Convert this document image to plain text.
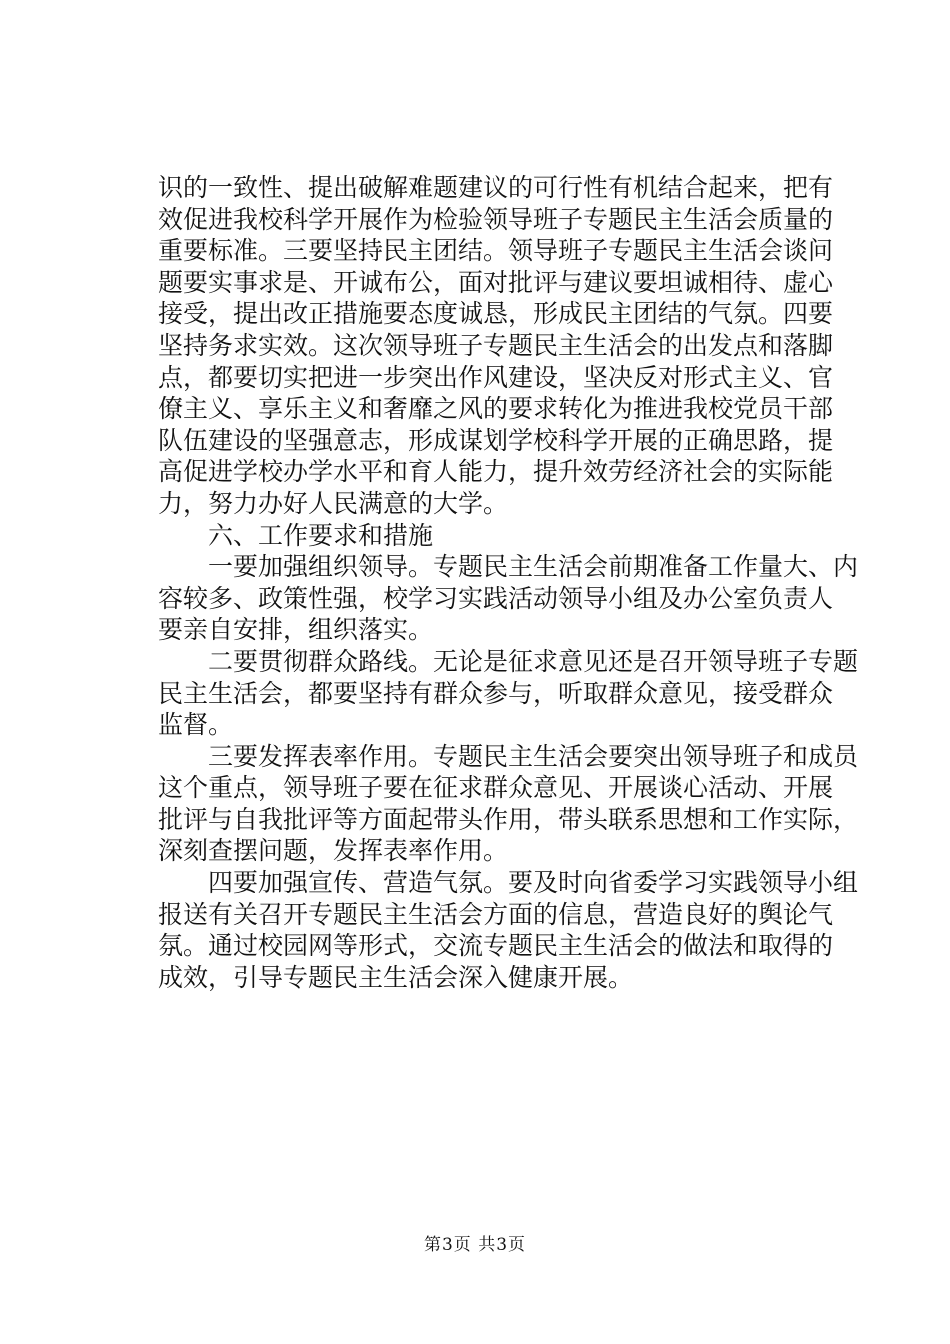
识的一致性、提出破解难题建议的可行性有机结合起来，把有
效促进我校科学开展作为检验领导班子专题民主生活会质量的
重要标准。三要坚持民主团结。领导班子专题民主生活会谈问
题要实事求是、开诚布公，面对批评与建议要坦诚相待、虚心
接受，提出改正措施要态度诚恳，形成民主团结的气氛。四要
坚持务求实效。这次领导班子专题民主生活会的出发点和落脚
点，都要切实把进一步突出作风建设，坚决反对形式主义、官
僚主义、享乐主义和奢靡之风的要求转化为推进我校党员干部
队伍建设的坚强意志，形成谋划学校科学开展的正确思路，提
高促进学校办学水平和育人能力，提升效劳经济社会的实际能
力，努力办好人民满意的大学。
六、工作要求和措施
一要加强组织领导。专题民主生活会前期准备工作量大、内
容较多、政策性强，校学习实践活动领导小组及办公室负责人
要亲自安排，组织落实。
二要贯彻群众路线。无论是征求意见还是召开领导班子专题
民主生活会，都要坚持有群众参与，听取群众意见，接受群众
监督。
三要发挥表率作用。专题民主生活会要突出领导班子和成员
这个重点，领导班子要在征求群众意见、开展谈心活动、开展
批评与自我批评等方面起带头作用，带头联系思想和工作实际，
深刻查摆问题，发挥表率作用。
四要加强宣传、营造气氛。要及时向省委学习实践领导小组
报送有关召开专题民主生活会方面的信息，营造良好的舆论气
氛。通过校园网等形式，交流专题民主生活会的做法和取得的
成效，引导专题民主生活会深入健康开展。
第3页 共3页
